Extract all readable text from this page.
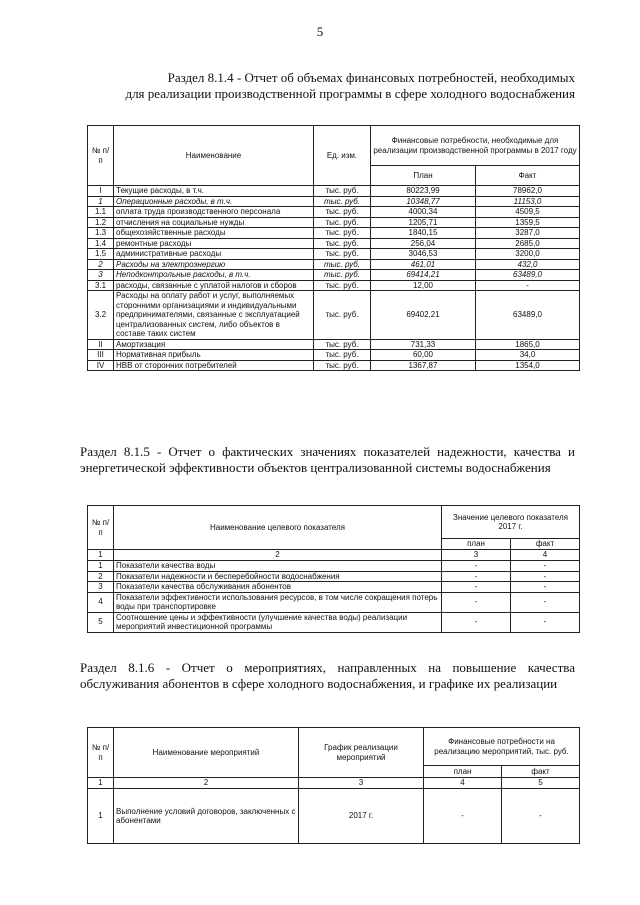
5
Раздел 8.1.4 - Отчет об объемах финансовых потребностей, необходимых
для реализации производственной программы в сфере холодного водоснабжения
№ п/п	Наименование	Ед. изм.	Финансовые потребности, необходимые для реализации производственной программы в 2017 году	
			План	Факт
I	Текущие расходы, в т.ч.	тыс. руб.	80223,99	78962,0
1	Операционные расходы, в т.ч.	тыс. руб.	10348,77	11153,0
1.1	оплата труда производственного персонала	тыс. руб.	4000,34	4509,5
1.2	отчисления на социальные нужды	тыс. руб.	1205,71	1359,5
1.3	общехозяйственные расходы	тыс. руб.	1840,15	3287,0
1.4	ремонтные расходы	тыс. руб.	256,04	2685,0
1.5	административные расходы	тыс. руб.	3046,53	3200,0
2	Расходы на электроэнергию	тыс. руб.	461,01	432,0
3	Неподконтрольные расходы, в т.ч.	тыс. руб.	69414,21	63489,0
3.1	расходы, связанные с уплатой налогов и сборов	тыс. руб.	12,00	-
3.2	Расходы на оплату работ и услуг, выполняемых сторонними организациями и индивидуальными предпринимателями, связанные с эксплуатацией централизованных систем, либо объектов в составе таких систем	тыс. руб.	69402,21	63489,0
II	Амортизация	тыс. руб.	731,33	1865,0
III	Нормативная прибыль	тыс. руб.	60,00	34,0
IV	НВВ от сторонних потребителей	тыс. руб.	1367,87	1354,0
Раздел 8.1.5 - Отчет о фактических значениях показателей надежности, качества и энергетической эффективности объектов централизованной системы водоснабжения
№ п/п	Наименование целевого показателя	Значение целевого показателя 2017 г.	
		план	факт
1	2	3	4
1	Показатели качества воды	-	-
2	Показатели надежности и бесперебойности водоснабжения	-	-
3	Показатели качества обслуживания абонентов	-	-
4	Показатели эффективности использования ресурсов, в том числе сокращения потерь воды при транспортировке	-	-
5	Соотношение цены и эффективности (улучшение качества воды) реализации мероприятий инвестиционной программы	-	-
Раздел 8.1.6 - Отчет о мероприятиях, направленных на повышение качества обслуживания абонентов в сфере холодного водоснабжения, и графике их реализации
№ п/п	Наименование мероприятий	График реализации мероприятий	Финансовые потребности на реализацию мероприятий, тыс. руб.	
			план	факт
1	2	3	4	5
1	Выполнение условий договоров, заключенных с абонентами	2017 г.	-	-
